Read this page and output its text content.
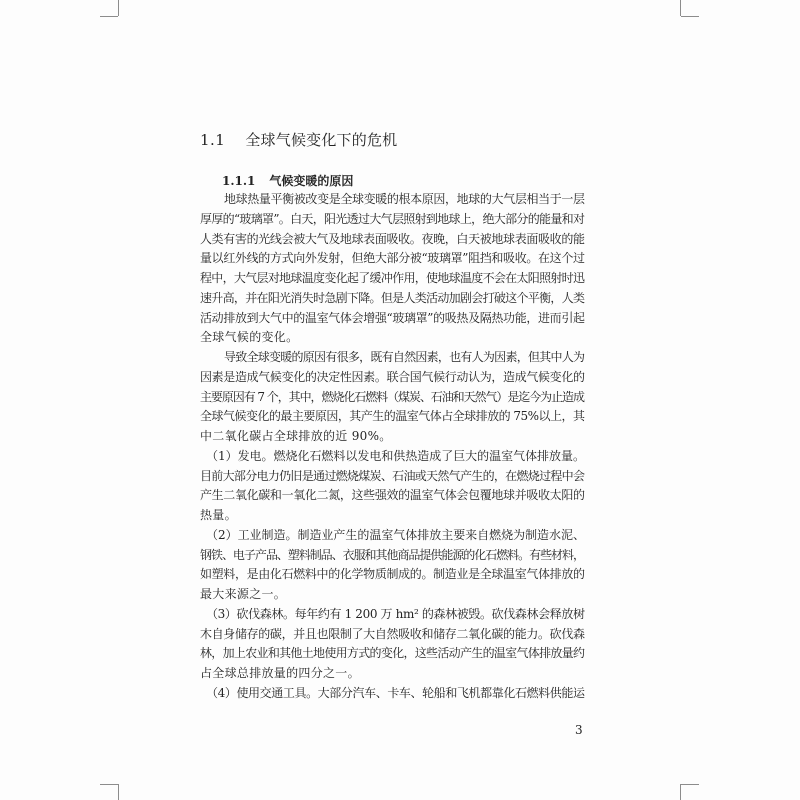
1.1 全球气候变化下的危机
1.1.1 气候变暖的原因
地球热量平衡被改变是全球变暖的根本原因，地球的大气层相当于一层
厚厚的“玻璃罩”。白天，阳光透过大气层照射到地球上，绝大部分的能量和对
人类有害的光线会被大气及地球表面吸收。夜晚，白天被地球表面吸收的能
量以红外线的方式向外发射，但绝大部分被“玻璃罩”阻挡和吸收。在这个过
程中，大气层对地球温度变化起了缓冲作用，使地球温度不会在太阳照射时迅
速升高，并在阳光消失时急剧下降。但是人类活动加剧会打破这个平衡，人类
活动排放到大气中的温室气体会增强“玻璃罩”的吸热及隔热功能，进而引起
全球气候的变化。
导致全球变暖的原因有很多，既有自然因素，也有人为因素，但其中人为
因素是造成气候变化的决定性因素。联合国气候行动认为，造成气候变化的
主要原因有 7 个，其中，燃烧化石燃料（煤炭、石油和天然气）是迄今为止造成
全球气候变化的最主要原因，其产生的温室气体占全球排放的 75%以上，其
中二氧化碳占全球排放的近 90%。
（1）发电。燃烧化石燃料以发电和供热造成了巨大的温室气体排放量。
目前大部分电力仍旧是通过燃烧煤炭、石油或天然气产生的，在燃烧过程中会
产生二氧化碳和一氧化二氮，这些强效的温室气体会包覆地球并吸收太阳的
热量。
（2）工业制造。制造业产生的温室气体排放主要来自燃烧为制造水泥、
钢铁、电子产品、塑料制品、衣服和其他商品提供能源的化石燃料。有些材料，
如塑料，是由化石燃料中的化学物质制成的。制造业是全球温室气体排放的
最大来源之一。
（3）砍伐森林。每年约有 1 200 万 hm² 的森林被毁。砍伐森林会释放树
木自身储存的碳，并且也限制了大自然吸收和储存二氧化碳的能力。砍伐森
林，加上农业和其他土地使用方式的变化，这些活动产生的温室气体排放量约
占全球总排放量的四分之一。
（4）使用交通工具。大部分汽车、卡车、轮船和飞机都靠化石燃料供能运
3
